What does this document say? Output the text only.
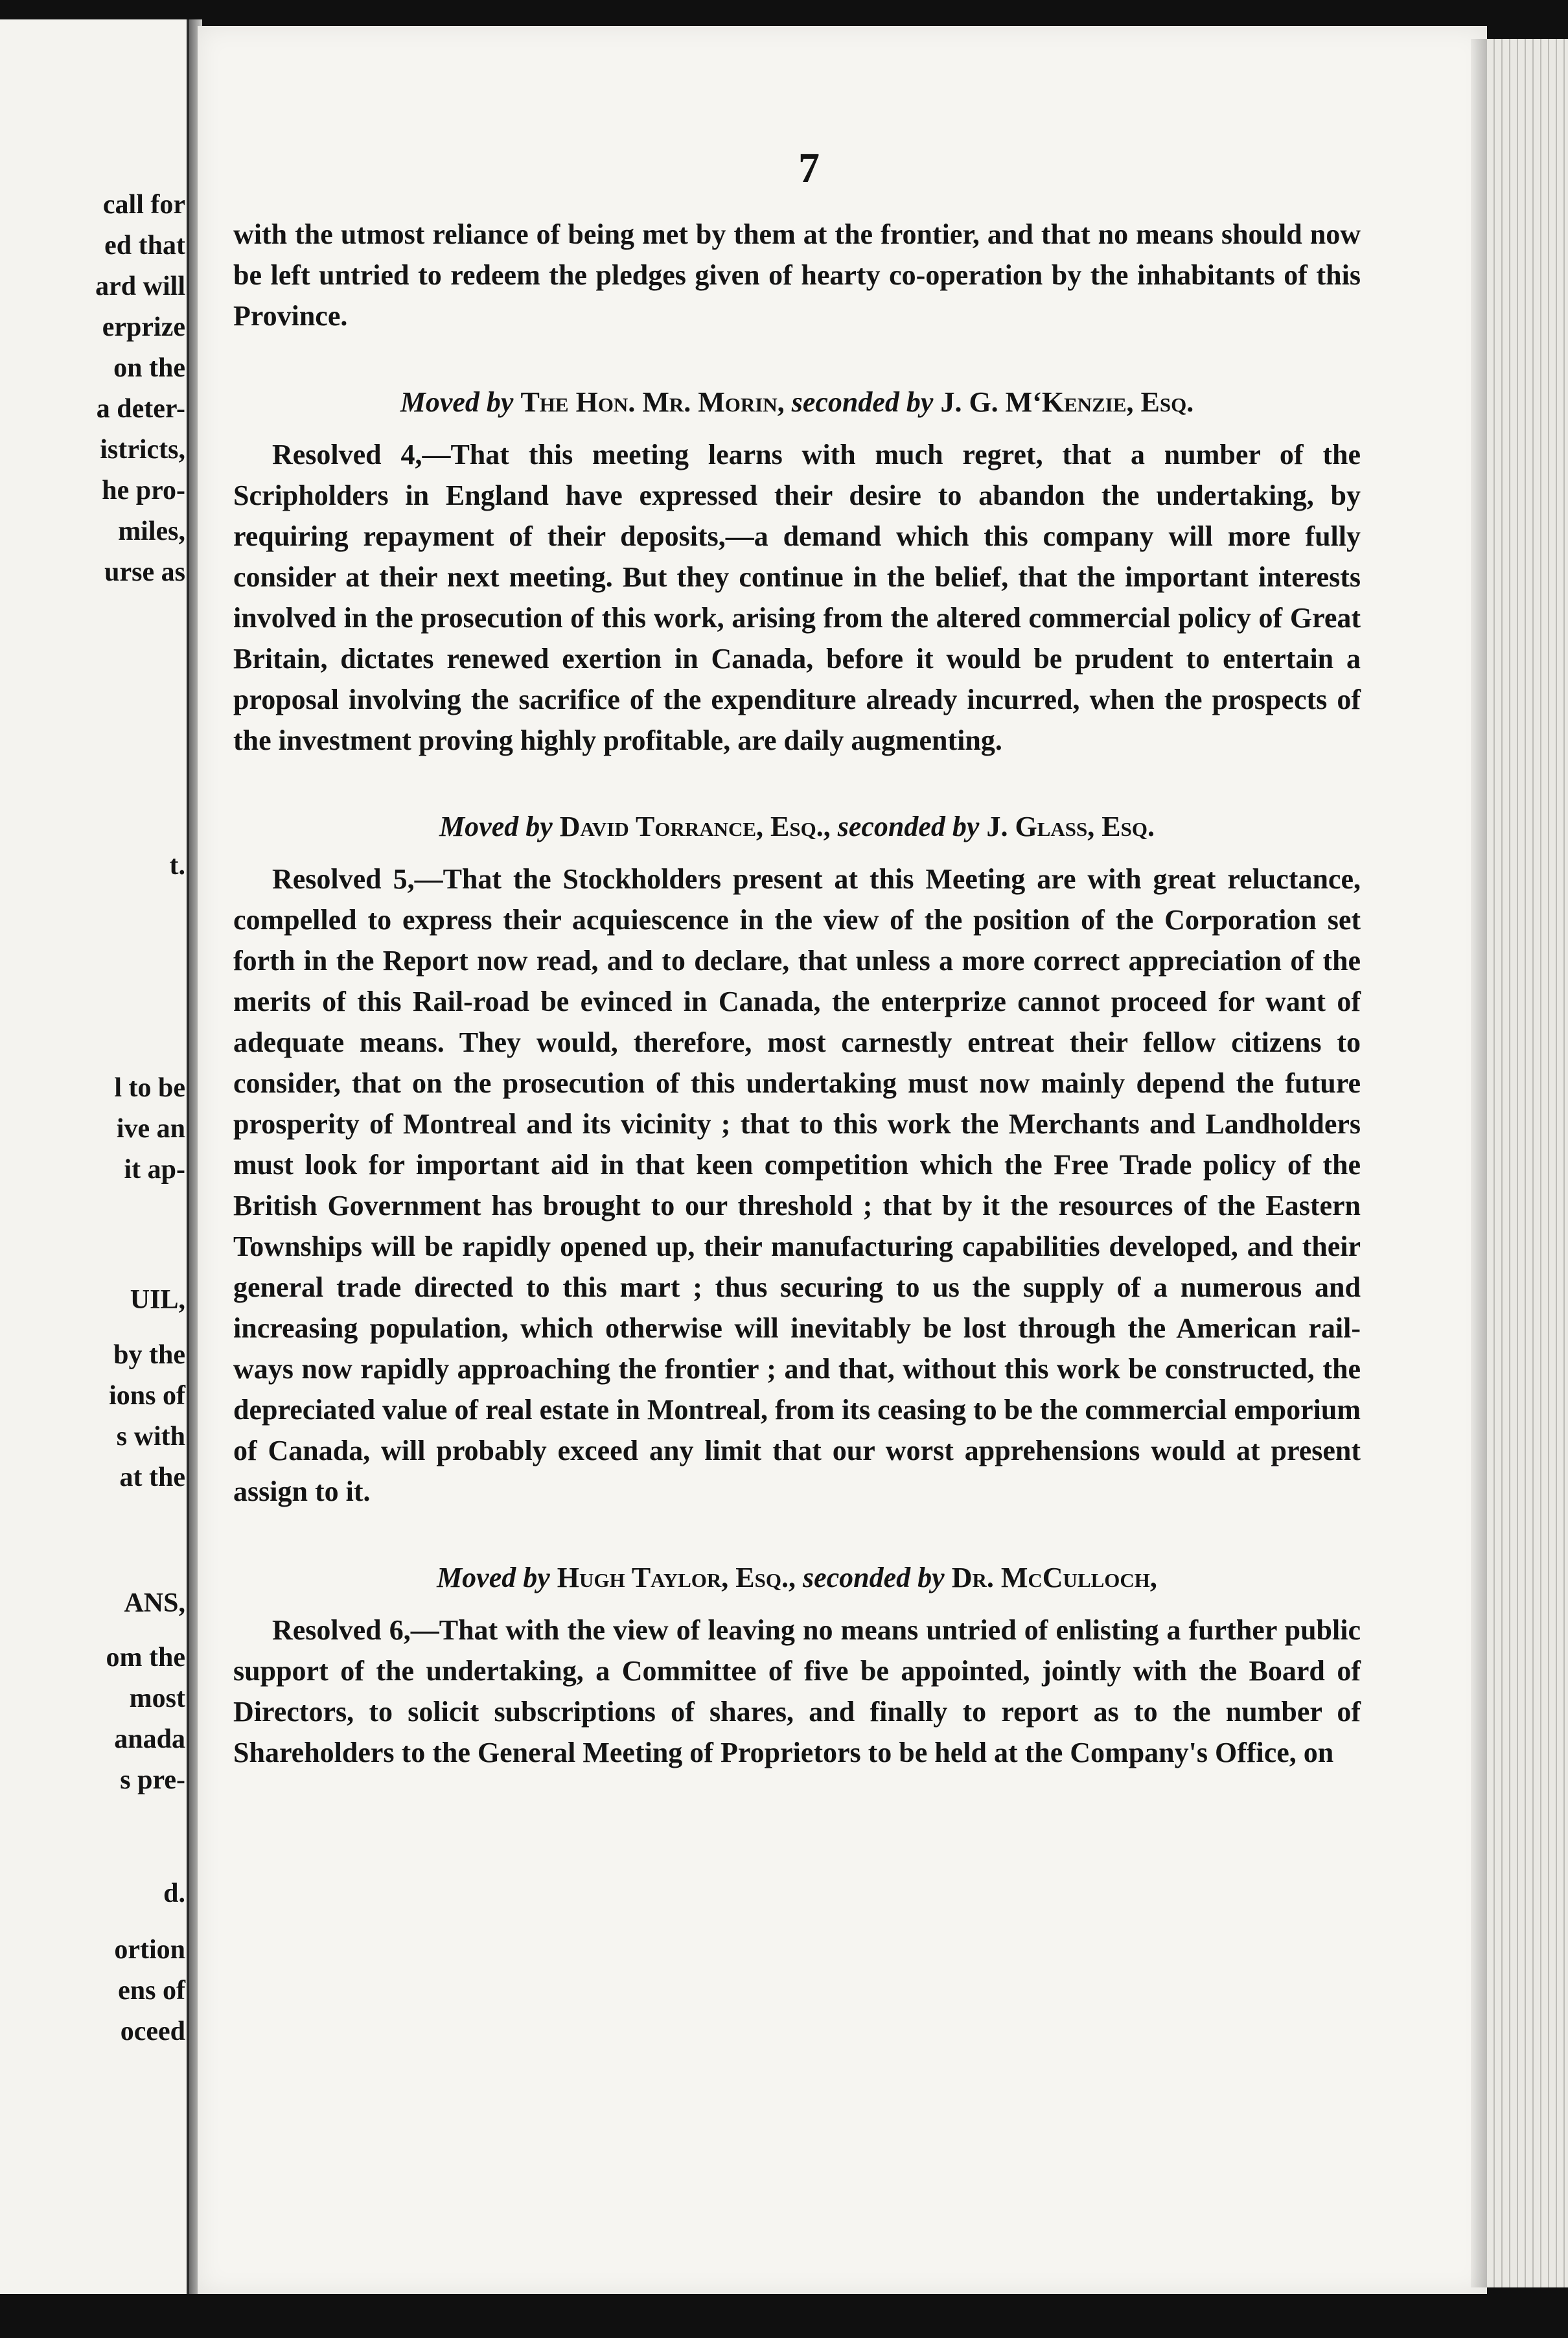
call for
ed that
ard will
erprize
on the
a deter-
istricts,
he pro-
miles,
urse as
t.
l to be
ive an
it ap-
UIL,
by the
ions of
s with
at the
ANS,
om the
most
anada
s pre-
d.
ortion
ens of
oceed
7

with the utmost reliance of being met by them at the frontier, and that no means should now be left untried to redeem the pledges given of hearty co-operation by the inhabitants of this Province.

Moved by The Hon. Mr. Morin, seconded by J. G. M‘Kenzie, Esq.

Resolved 4,—That this meeting learns with much regret, that a number of the Scripholders in England have expressed their desire to abandon the undertaking, by requiring repayment of their deposits,—a demand which this company will more fully consider at their next meeting. But they continue in the belief, that the important interests involved in the prosecution of this work, arising from the altered commercial policy of Great Britain, dictates renewed exertion in Canada, before it would be prudent to entertain a proposal involving the sacrifice of the expenditure already incurred, when the prospects of the investment proving highly profitable, are daily augmenting.

Moved by David Torrance, Esq., seconded by J. Glass, Esq.

Resolved 5,—That the Stockholders present at this Meeting are with great reluctance, compelled to express their acquiescence in the view of the position of the Corporation set forth in the Report now read, and to declare, that unless a more correct appreciation of the merits of this Rail-road be evinced in Canada, the enterprize cannot proceed for want of adequate means. They would, therefore, most carnestly entreat their fellow citizens to consider, that on the prosecution of this undertaking must now mainly depend the future prosperity of Montreal and its vicinity ; that to this work the Merchants and Landholders must look for important aid in that keen competition which the Free Trade policy of the British Government has brought to our threshold ; that by it the resources of the Eastern Townships will be rapidly opened up, their manufacturing capabilities developed, and their general trade directed to this mart ; thus securing to us the supply of a numerous and increasing population, which otherwise will inevitably be lost through the American rail-ways now rapidly approaching the frontier ; and that, without this work be constructed, the depreciated value of real estate in Montreal, from its ceasing to be the commercial emporium of Canada, will probably exceed any limit that our worst apprehensions would at present assign to it.

Moved by Hugh Taylor, Esq., seconded by Dr. McCulloch,

Resolved 6,—That with the view of leaving no means untried of enlisting a further public support of the undertaking, a Committee of five be appointed, jointly with the Board of Directors, to solicit subscriptions of shares, and finally to report as to the number of Shareholders to the General Meeting of Proprietors to be held at the Company's Office, on
